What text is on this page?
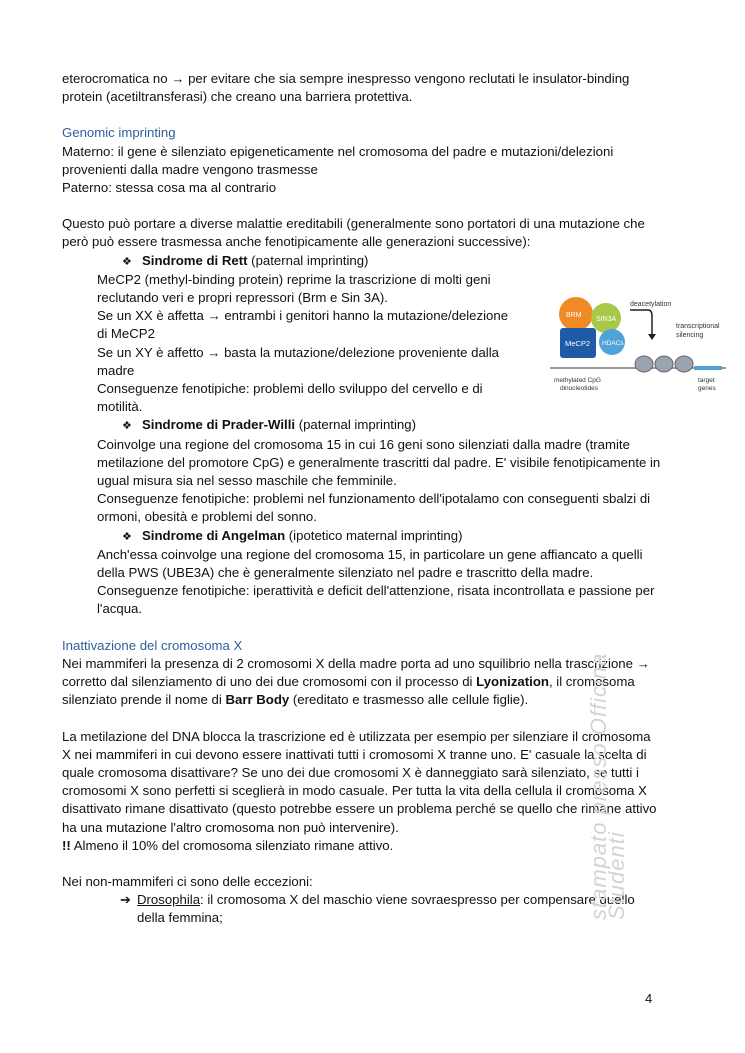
eterocromatica no → per evitare che sia sempre inespresso vengono reclutati le insulator-binding protein (acetiltransferasi) che creano una barriera protettiva.

Genomic imprinting

Materno: il gene è silenziato epigeneticamente nel cromosoma del padre e mutazioni/delezioni provenienti dalla madre vengono trasmesse

Paterno: stessa cosa ma al contrario

Questo può portare a diverse malattie ereditabili (generalmente sono portatori di una mutazione che però può essere trasmessa anche fenotipicamente alle generazioni successive):

❖ Sindrome di Rett (paternal imprinting)

MeCP2 (methyl-binding protein) reprime la trascrizione di molti geni reclutando veri e propri repressori (Brm e Sin 3A).

Se un XX è affetta → entrambi i genitori hanno la mutazione/delezione di MeCP2

Se un XY è affetto → basta la mutazione/delezione proveniente dalla madre

Conseguenze fenotipiche: problemi dello sviluppo del cervello e di motilità.

❖ Sindrome di Prader-Willi (paternal imprinting)

Coinvolge una regione del cromosoma 15 in cui 16 geni sono silenziati dalla madre (tramite metilazione del promotore CpG) e generalmente trascritti dal padre. E' visibile fenotipicamente in ugual misura sia nel sesso maschile che femminile.

Conseguenze fenotipiche: problemi nel funzionamento dell'ipotalamo con conseguenti sbalzi di ormoni, obesità e problemi del sonno.

❖ Sindrome di Angelman (ipotetico maternal imprinting)

Anch'essa coinvolge una regione del cromosoma 15, in particolare un gene affiancato a quelli della PWS (UBE3A) che è generalmente silenziato nel padre e trascritto della madre.

Conseguenze fenotipiche: iperattività e deficit dell'attenzione, risata incontrollata e passione per l'acqua.

Inattivazione del cromosoma X

Nei mammiferi la presenza di 2 cromosomi X della madre porta ad uno squilibrio nella trascrizione → corretto dal silenziamento di uno dei due cromosomi con il processo di Lyonization, il cromosoma silenziato prende il nome di Barr Body (ereditato e trasmesso alle cellule figlie).

La metilazione del DNA blocca la trascrizione ed è utilizzata per esempio per silenziare il cromosoma X nei mammiferi in cui devono essere inattivati tutti i cromosomi X tranne uno. E' casuale la scelta di quale cromosoma disattivare? Se uno dei due cromosomi X è danneggiato sarà silenziato, se tutti i cromosomi X sono perfetti si sceglierà in modo casuale. Per tutta la vita della cellula il cromosoma X disattivato rimane disattivato (questo potrebbe essere un problema perché se quello che rimane attivo ha una mutazione l'altro cromosoma non può intervenire).

!! Almeno il 10% del cromosoma silenziato rimane attivo.

Nei non-mammiferi ci sono delle eccezioni:

➔ Drosophila: il cromosoma X del maschio viene sovraespresso per compensare quello della femmina;

BRM
SIN3A
MeCP2 HDACs
deacetylation
transcriptional
silencing
methylated CpG
dinucleotides
target
genes
stampato presso Officina Studenti
4
